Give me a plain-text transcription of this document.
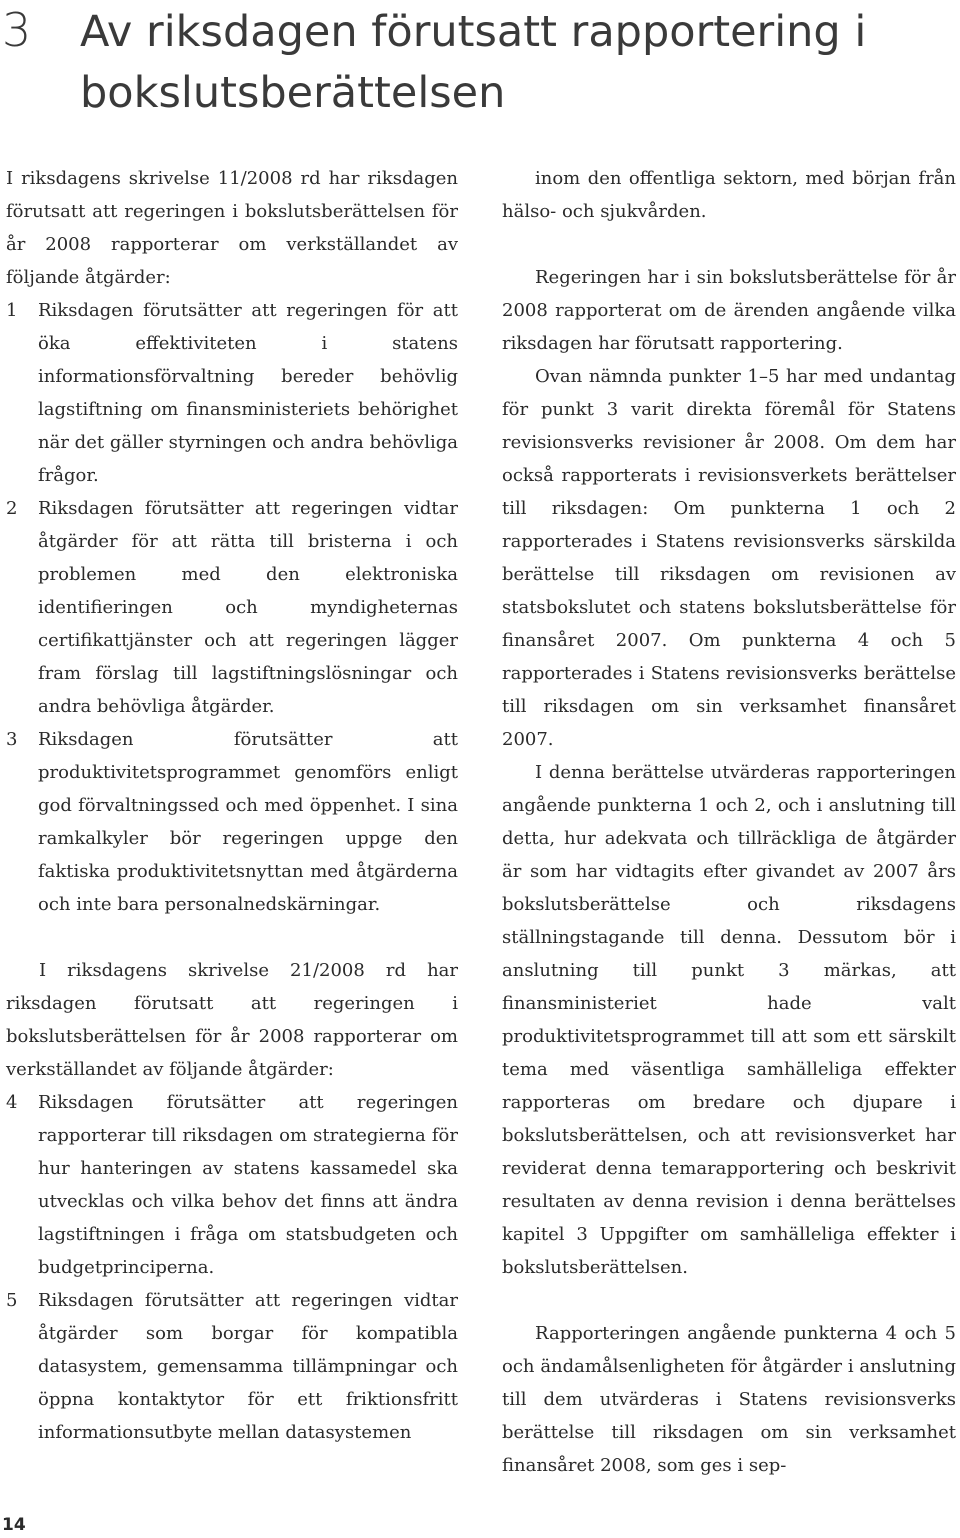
3 Av riksdagen förutsatt rapportering i bokslutsberättelsen

I riksdagens skrivelse 11/2008 rd har riksdagen förutsatt att regeringen i bokslutsberättelsen för år 2008 rapporterar om verkställandet av följande åtgärder:

1	Riksdagen förutsätter att regeringen för att öka effektiviteten i statens informationsförvaltning bereder behövlig lagstiftning om finansministeriets behörighet när det gäller styrningen och andra behövliga frågor.
2	Riksdagen förutsätter att regeringen vidtar åtgärder för att rätta till bristerna i och problemen med den elektroniska identifieringen och myndigheternas certifikattjänster och att regeringen lägger fram förslag till lagstiftningslösningar och andra behövliga åtgärder.
3	Riksdagen förutsätter att produktivitetsprogrammet genomförs enligt god förvaltningssed och med öppenhet. I sina ramkalkyler bör regeringen uppge den faktiska produktivitetsnyttan med åtgärderna och inte bara personalnedskärningar.

I riksdagens skrivelse 21/2008 rd har riksdagen förutsatt att regeringen i bokslutsberättelsen för år 2008 rapporterar om verkställandet av följande åtgärder:

4	Riksdagen förutsätter att regeringen rapporterar till riksdagen om strategierna för hur hanteringen av statens kassamedel ska utvecklas och vilka behov det finns att ändra lagstiftningen i fråga om statsbudgeten och budgetprinciperna.
5	Riksdagen förutsätter att regeringen vidtar åtgärder som borgar för kompatibla datasystem, gemensamma tillämpningar och öppna kontaktytor för ett friktionsfritt informationsutbyte mellan datasystemen

inom den offentliga sektorn, med början från hälso- och sjukvården.

Regeringen har i sin bokslutsberättelse för år 2008 rapporterat om de ärenden angående vilka riksdagen har förutsatt rapportering.

Ovan nämnda punkter 1–5 har med undantag för punkt 3 varit direkta föremål för Statens revisionsverks revisioner år 2008. Om dem har också rapporterats i revisionsverkets berättelser till riksdagen: Om punkterna 1 och 2 rapporterades i Statens revisionsverks särskilda berättelse till riksdagen om revisionen av statsbokslutet och statens bokslutsberättelse för finansåret 2007. Om punkterna 4 och 5 rapporterades i Statens revisionsverks berättelse till riksdagen om sin verksamhet finansåret 2007.

I denna berättelse utvärderas rapporteringen angående punkterna 1 och 2, och i anslutning till detta, hur adekvata och tillräckliga de åtgärder är som har vidtagits efter givandet av 2007 års bokslutsberättelse och riksdagens ställningstagande till denna. Dessutom bör i anslutning till punkt 3 märkas, att finansministeriet hade valt produktivitetsprogrammet till att som ett särskilt tema med väsentliga samhälleliga effekter rapporteras om bredare och djupare i bokslutsberättelsen, och att revisionsverket har reviderat denna temarapportering och beskrivit resultaten av denna revision i denna berättelses kapitel 3 Uppgifter om samhälleliga effekter i bokslutsberättelsen.

Rapporteringen angående punkterna 4 och 5 och ändamålsenligheten för åtgärder i anslutning till dem utvärderas i Statens revisionsverks berättelse till riksdagen om sin verksamhet finansåret 2008, som ges i sep-

14
